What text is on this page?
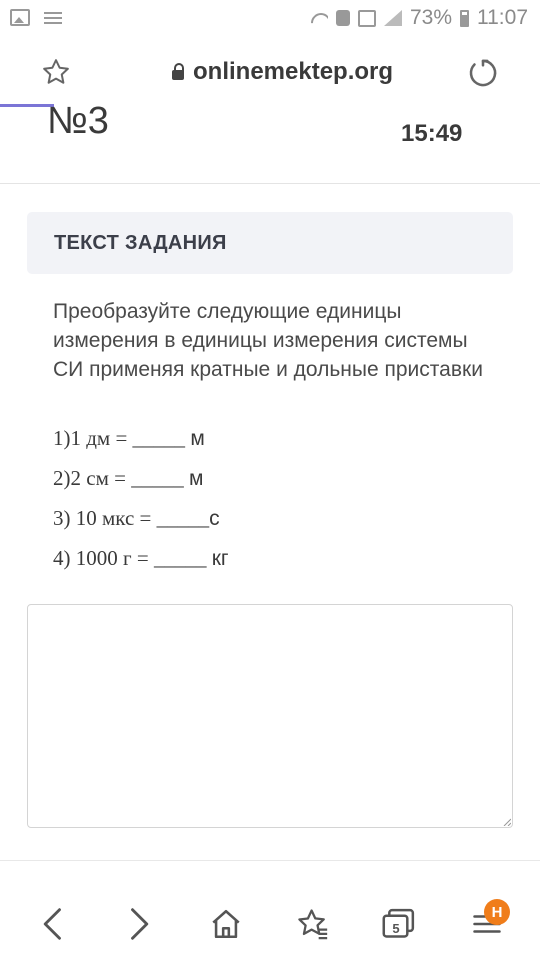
73% 11:07
onlinemektep.org
№3	15:49
ТЕКСТ ЗАДАНИЯ
Преобразуйте следующие единицы измерения в единицы измерения системы СИ применяя кратные и дольные приставки
1)1 дм = _____ м
2)2 см = _____ м
3) 10 мкс = _____с
4) 1000 г = _____ кг
5
H
